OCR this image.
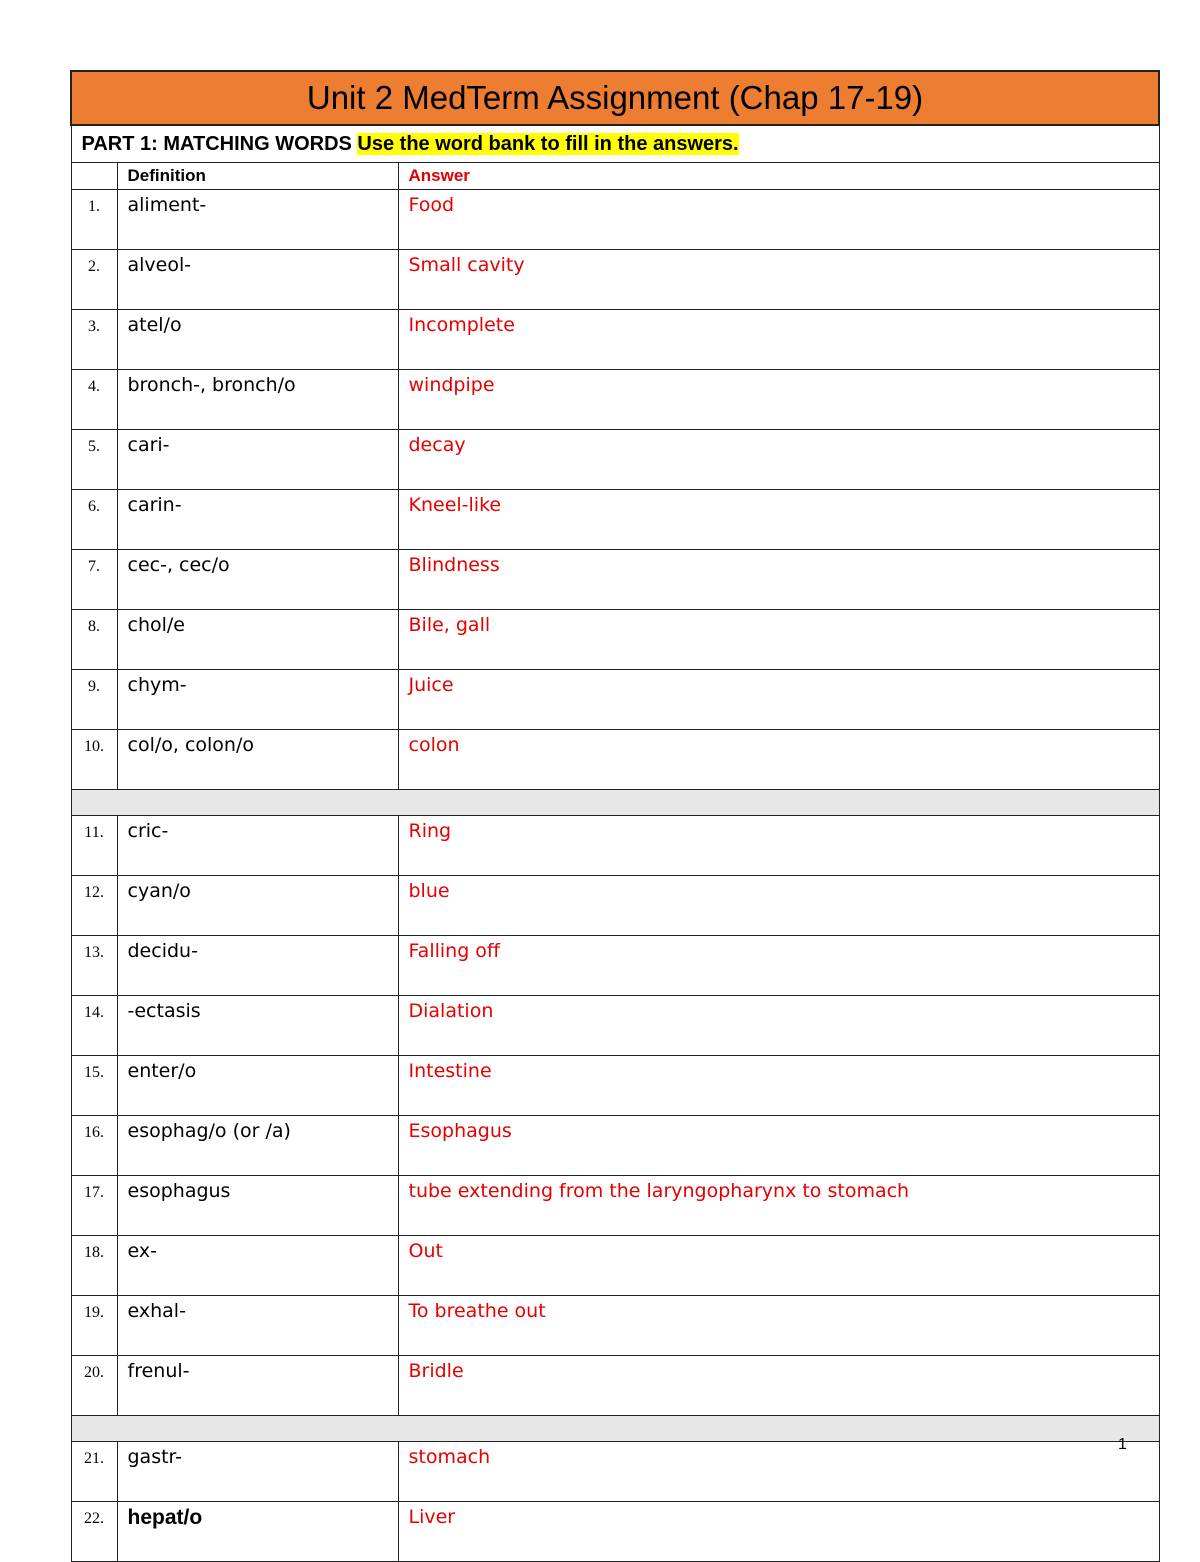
Unit 2 MedTerm Assignment (Chap 17-19)		
PART 1: MATCHING WORDS Use the word bank to fill in the answers.		
	Definition	Answer
1.	aliment-	Food
2.	alveol-	Small cavity
3.	atel/o	Incomplete
4.	bronch-, bronch/o	windpipe
5.	cari-	decay
6.	carin-	Kneel-like
7.	cec-, cec/o	Blindness
8.	chol/e	Bile, gall
9.	chym-	Juice
10.	col/o, colon/o	colon

11.	cric-	Ring
12.	cyan/o	blue
13.	decidu-	Falling off
14.	-ectasis	Dialation
15.	enter/o	Intestine
16.	esophag/o (or /a)	Esophagus
17.	esophagus	tube extending from the laryngopharynx to stomach
18.	ex-	Out
19.	exhal-	To breathe out
20.	frenul-	Bridle

21.	gastr-	stomach
22.	hepat/o	Liver
1
